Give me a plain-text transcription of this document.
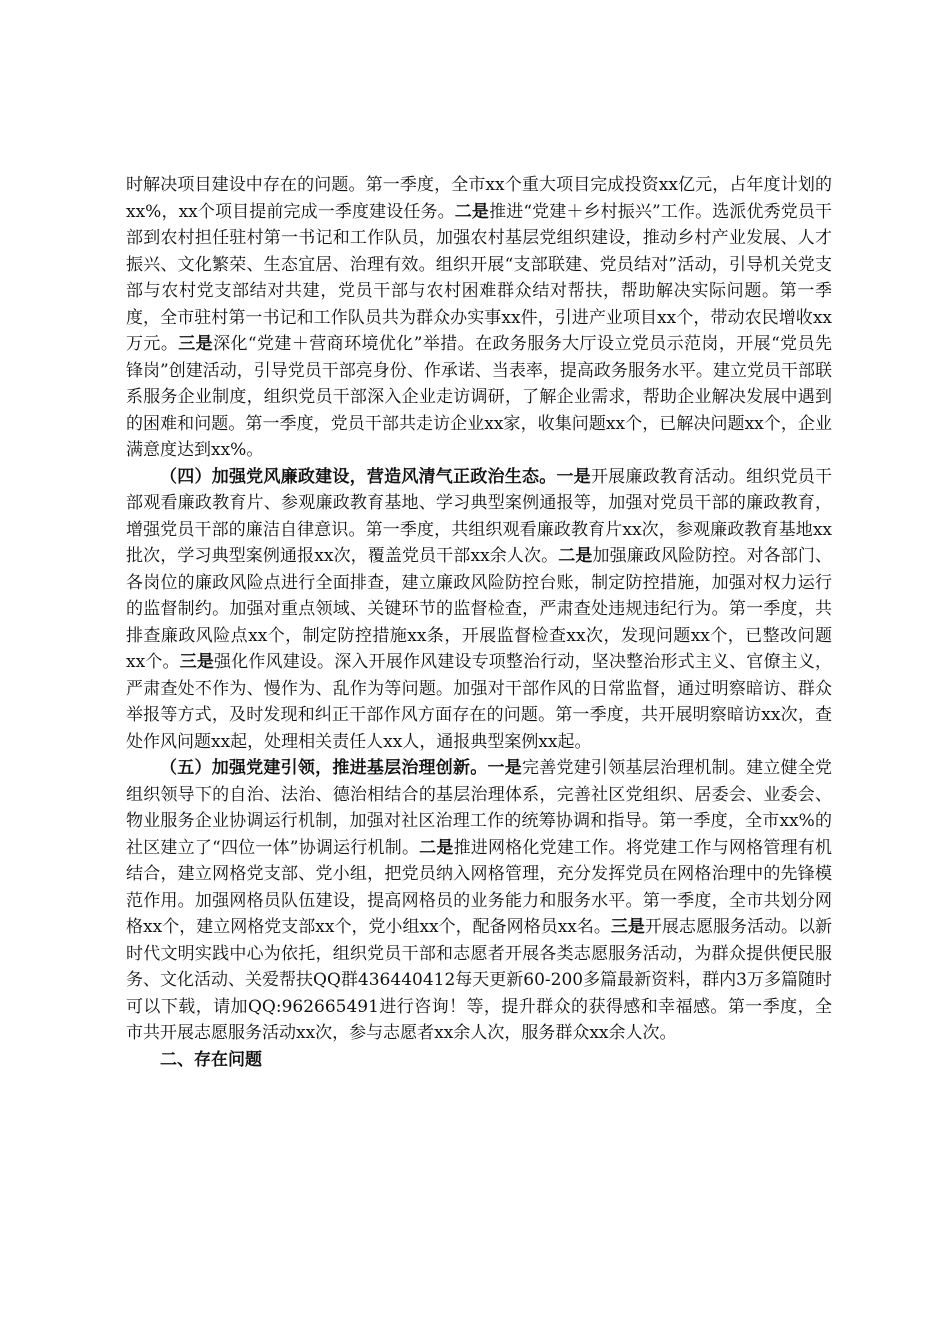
时解决项目建设中存在的问题。第一季度，全市xx个重大项目完成投资xx亿元，占年度计划的xx%，xx个项目提前完成一季度建设任务。二是推进“党建＋乡村振兴”工作。选派优秀党员干部到农村担任驻村第一书记和工作队员，加强农村基层党组织建设，推动乡村产业发展、人才振兴、文化繁荣、生态宜居、治理有效。组织开展“支部联建、党员结对”活动，引导机关党支部与农村党支部结对共建，党员干部与农村困难群众结对帮扶，帮助解决实际问题。第一季度，全市驻村第一书记和工作队员共为群众办实事xx件，引进产业项目xx个，带动农民增收xx万元。三是深化“党建＋营商环境优化”举措。在政务服务大厅设立党员示范岗，开展“党员先锋岗”创建活动，引导党员干部亮身份、作承诺、当表率，提高政务服务水平。建立党员干部联系服务企业制度，组织党员干部深入企业走访调研，了解企业需求，帮助企业解决发展中遇到的困难和问题。第一季度，党员干部共走访企业xx家，收集问题xx个，已解决问题xx个，企业满意度达到xx%。

（四）加强党风廉政建设，营造风清气正政治生态。一是开展廉政教育活动。组织党员干部观看廉政教育片、参观廉政教育基地、学习典型案例通报等，加强对党员干部的廉政教育，增强党员干部的廉洁自律意识。第一季度，共组织观看廉政教育片xx次，参观廉政教育基地xx批次，学习典型案例通报xx次，覆盖党员干部xx余人次。二是加强廉政风险防控。对各部门、各岗位的廉政风险点进行全面排查，建立廉政风险防控台账，制定防控措施，加强对权力运行的监督制约。加强对重点领域、关键环节的监督检查，严肃查处违规违纪行为。第一季度，共排查廉政风险点xx个，制定防控措施xx条，开展监督检查xx次，发现问题xx个，已整改问题xx个。三是强化作风建设。深入开展作风建设专项整治行动，坚决整治形式主义、官僚主义，严肃查处不作为、慢作为、乱作为等问题。加强对干部作风的日常监督，通过明察暗访、群众举报等方式，及时发现和纠正干部作风方面存在的问题。第一季度，共开展明察暗访xx次，查处作风问题xx起，处理相关责任人xx人，通报典型案例xx起。

（五）加强党建引领，推进基层治理创新。一是完善党建引领基层治理机制。建立健全党组织领导下的自治、法治、德治相结合的基层治理体系，完善社区党组织、居委会、业委会、物业服务企业协调运行机制，加强对社区治理工作的统筹协调和指导。第一季度，全市xx%的社区建立了“四位一体”协调运行机制。二是推进网格化党建工作。将党建工作与网格管理有机结合，建立网格党支部、党小组，把党员纳入网格管理，充分发挥党员在网格治理中的先锋模范作用。加强网格员队伍建设，提高网格员的业务能力和服务水平。第一季度，全市共划分网格xx个，建立网格党支部xx个，党小组xx个，配备网格员xx名。三是开展志愿服务活动。以新时代文明实践中心为依托，组织党员干部和志愿者开展各类志愿服务活动，为群众提供便民服务、文化活动、关爱帮扶QQ群436440412每天更新60-200多篇最新资料，群内3万多篇随时可以下载，请加QQ:962665491进行咨询！等，提升群众的获得感和幸福感。第一季度，全市共开展志愿服务活动xx次，参与志愿者xx余人次，服务群众xx余人次。

二、存在问题
